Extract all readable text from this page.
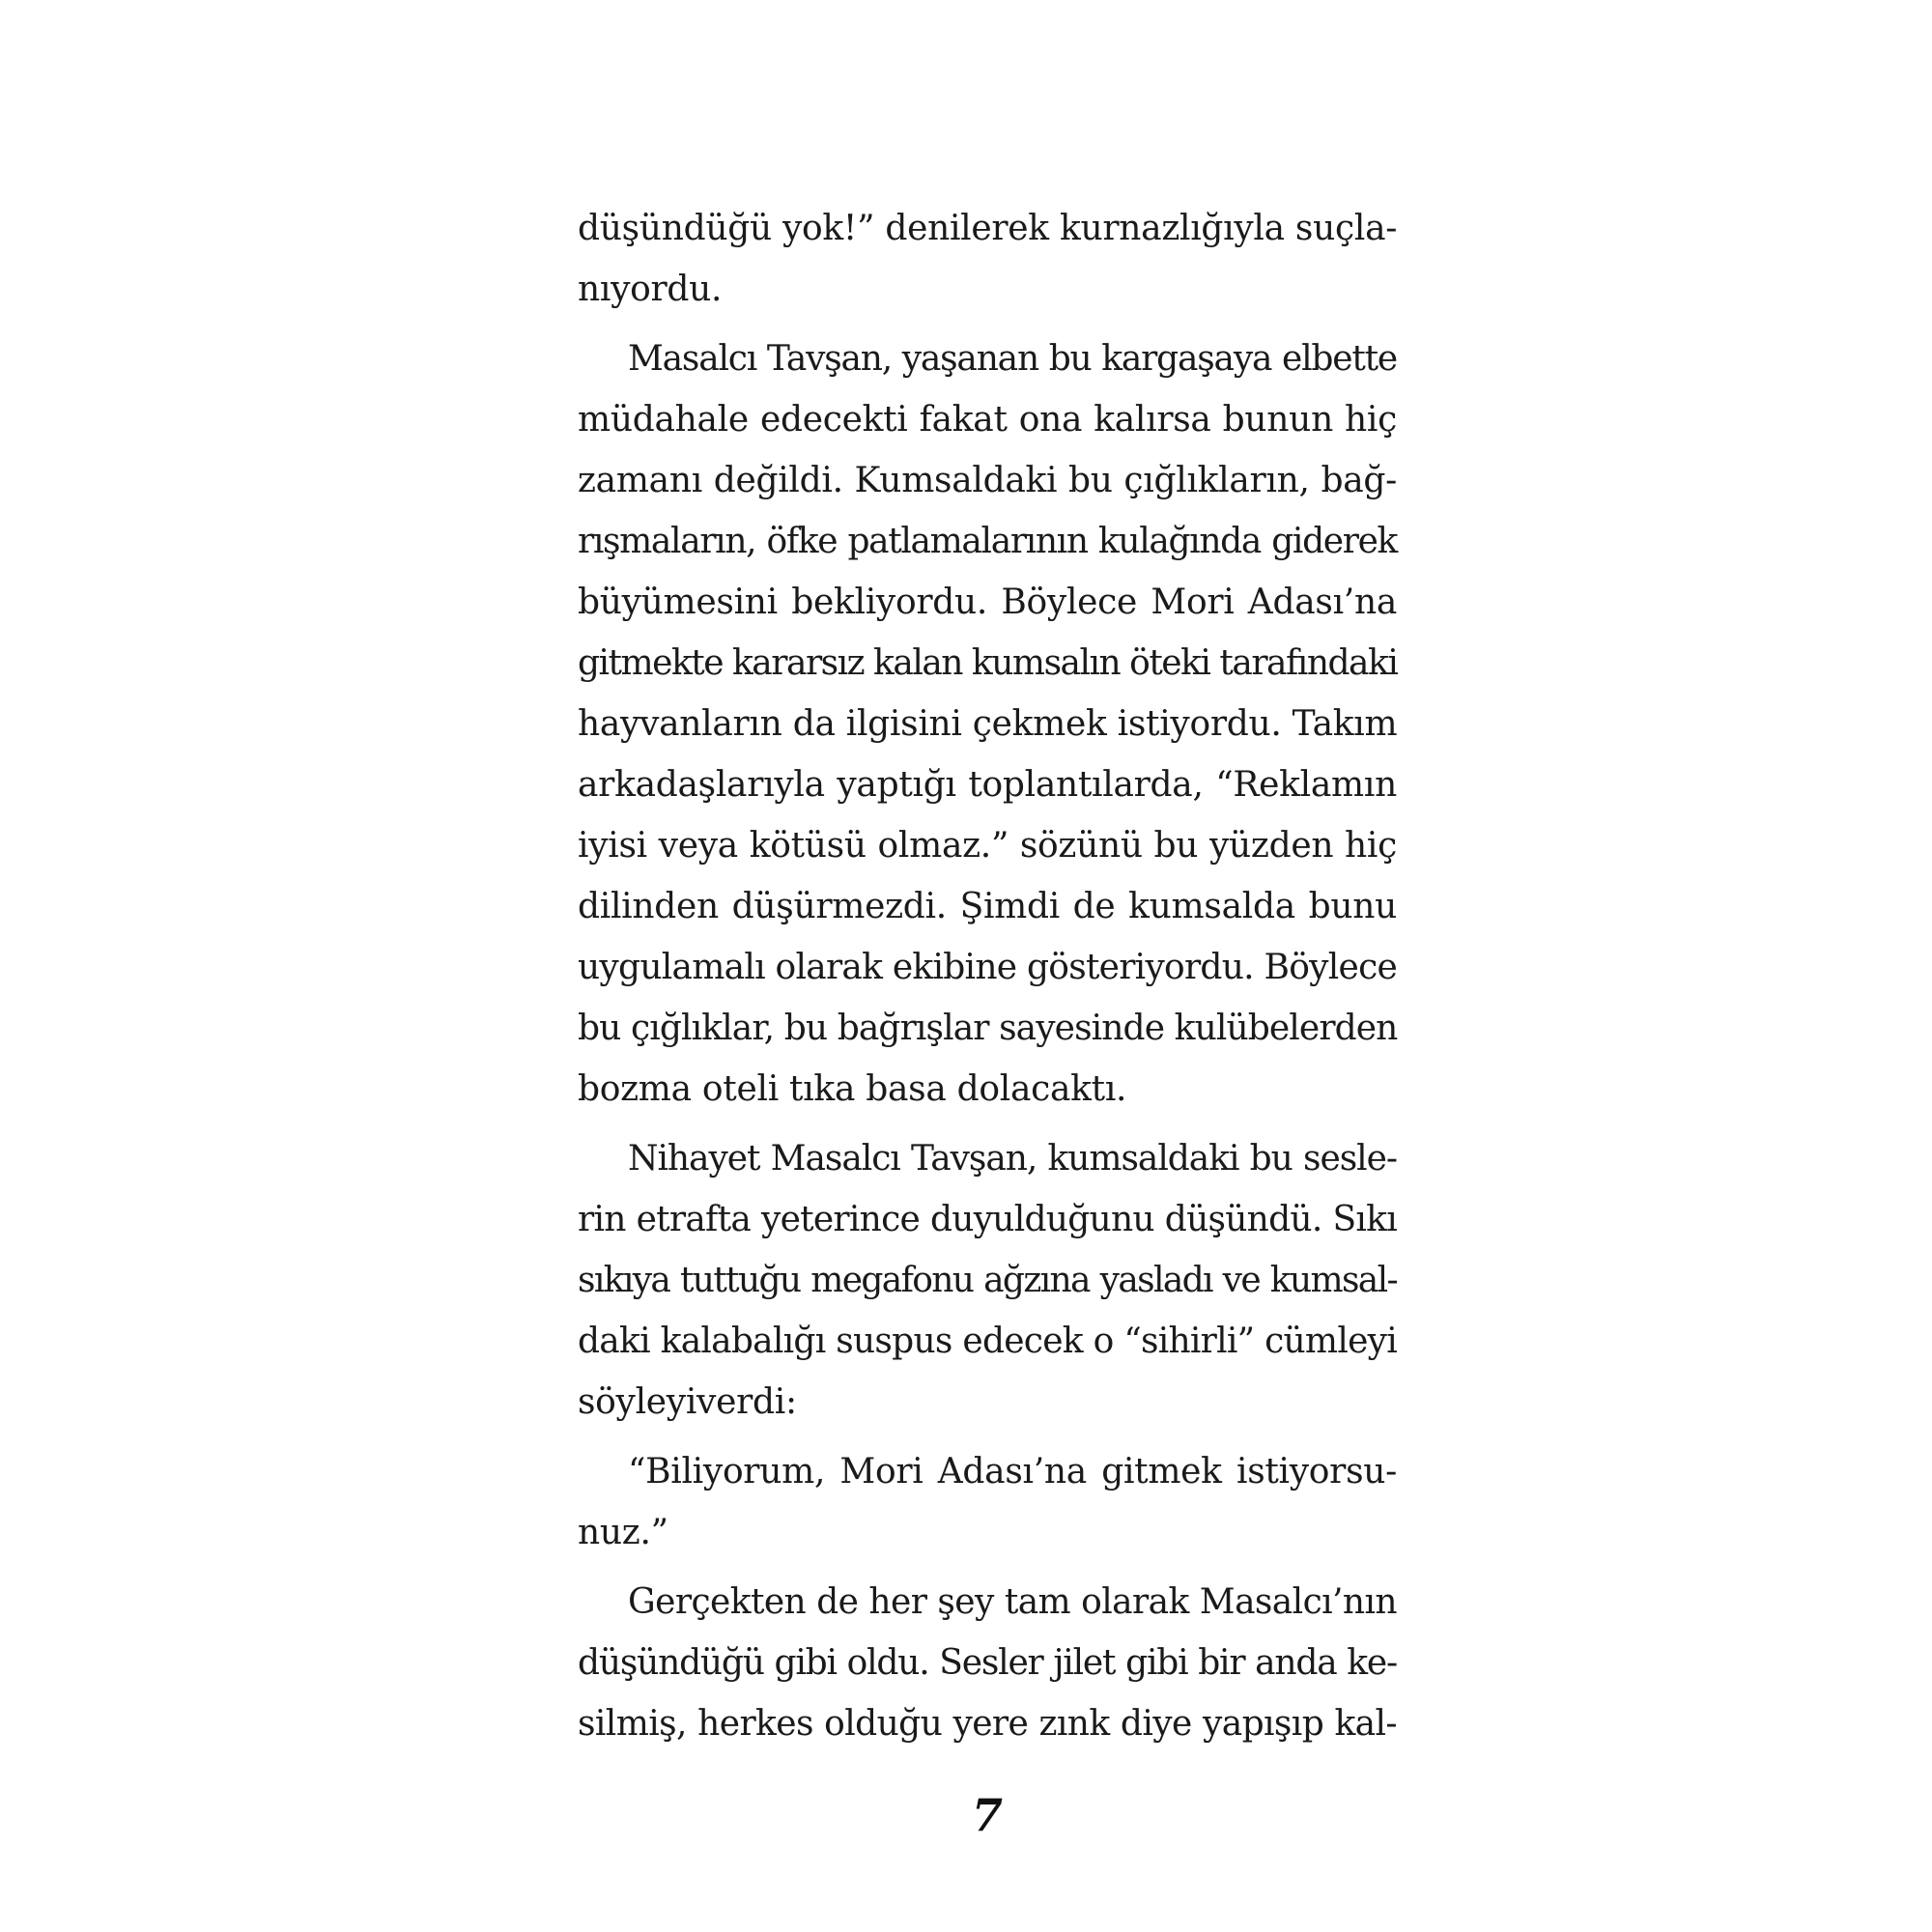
düşündüğü yok!” denilerek kurnazlığıyla suçla-
nıyordu.
Masalcı Tavşan, yaşanan bu kargaşaya elbette
müdahale edecekti fakat ona kalırsa bunun hiç
zamanı değildi. Kumsaldaki bu çığlıkların, bağ-
rışmaların, öfke patlamalarının kulağında giderek
büyümesini bekliyordu. Böylece Mori Adası’na
gitmekte kararsız kalan kumsalın öteki tarafındaki
hayvanların da ilgisini çekmek istiyordu. Takım
arkadaşlarıyla yaptığı toplantılarda, “Reklamın
iyisi veya kötüsü olmaz.” sözünü bu yüzden hiç
dilinden düşürmezdi. Şimdi de kumsalda bunu
uygulamalı olarak ekibine gösteriyordu. Böylece
bu çığlıklar, bu bağrışlar sayesinde kulübelerden
bozma oteli tıka basa dolacaktı.
Nihayet Masalcı Tavşan, kumsaldaki bu sesle-
rin etrafta yeterince duyulduğunu düşündü. Sıkı
sıkıya tuttuğu megafonu ağzına yasladı ve kumsal-
daki kalabalığı suspus edecek o “sihirli” cümleyi
söyleyiverdi:
“Biliyorum, Mori Adası’na gitmek istiyorsu-
nuz.”
Gerçekten de her şey tam olarak Masalcı’nın
düşündüğü gibi oldu. Sesler jilet gibi bir anda ke-
silmiş, herkes olduğu yere zınk diye yapışıp kal-
7
